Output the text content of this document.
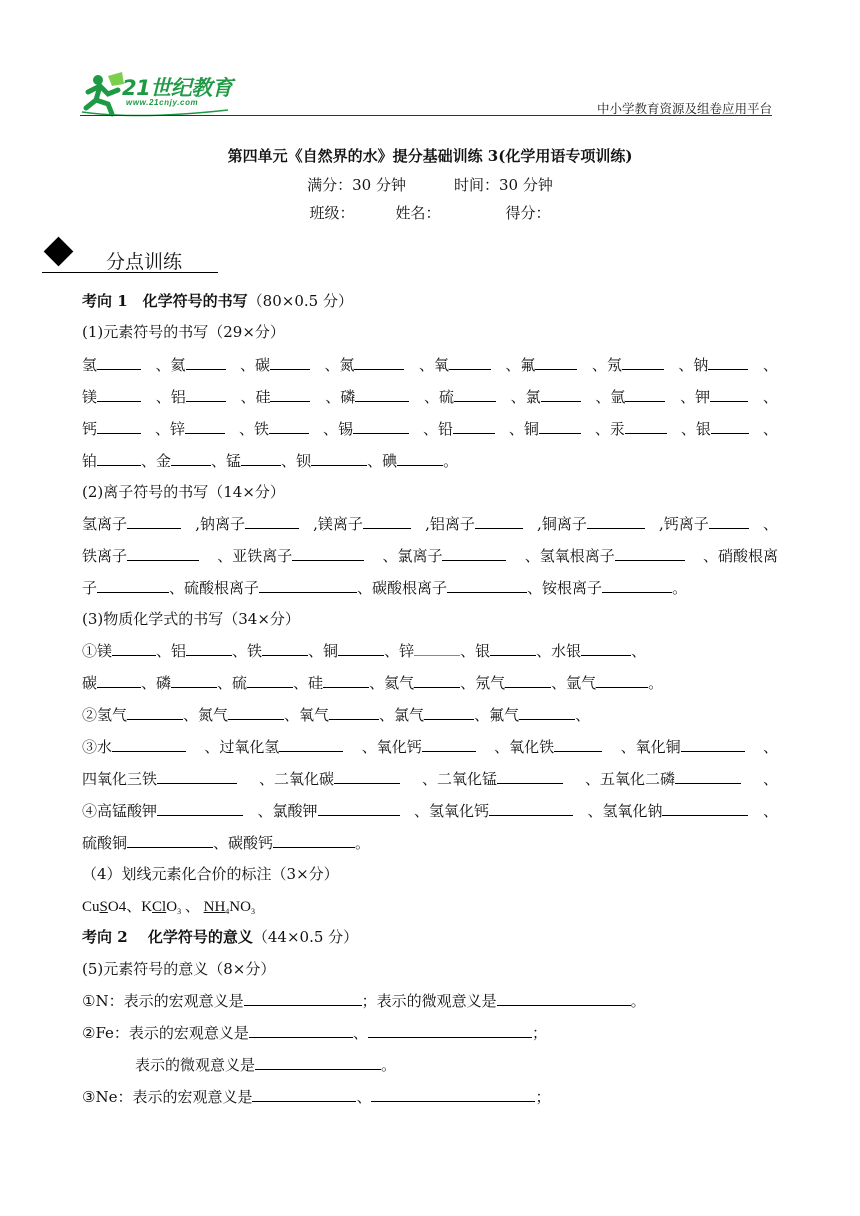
21世纪教育
www.21cnjy.com	中小学教育资源及组卷应用平台
第四单元《自然界的水》提分基础训练 3(化学用语专项训练)
满分：30 分钟	时间：30 分钟
班级：	姓名：	得分：
分点训练
考向 1　化学符号的书写（80×0.5 分）
(1)元素符号的书写（29×分）
氢	、氦	、碳	、氮	、氧	、氟	、氖	、钠	、
镁	、铝	、硅	、磷	、硫	、氯	、氩	、钾	、
钙	、锌	、铁	、锡	、铅	、铜	、汞	、银	、
铂	、金	、锰	、钡	、碘	。
(2)离子符号的书写（14×分）
氢离子	,钠离子	,镁离子	,铝离子	,铜离子	,钙离子	、
铁离子	、亚铁离子	、氯离子	、氢氧根离子	、硝酸根离
子	、硫酸根离子	、碳酸根离子	、铵根离子	。
(3)物质化学式的书写（34×分）
①镁	、铝	、铁	、铜	、锌	、银	、水银	、
碳	、磷	、硫	、硅	、氦气	、氖气	、氩气	。
②氢气	、氮气	、氧气	、氯气	、氟气	、
③水	、过氧化氢	、氧化钙	、氧化铁	、氧化铜	、
四氧化三铁	、二氧化碳	、二氧化锰	、五氧化二磷	、
④高锰酸钾	、氯酸钾	、氢氧化钙	、氢氧化钠	、
硫酸铜	、碳酸钙	。
（4）划线元素化合价的标注（3×分）
CuSO4、KClO$_3$ 、 $NH_4NO_3$
考向 2　 化学符号的意义（44×0.5 分）
(5)元素符号的意义（8×分）
①N：表示的宏观意义是	；表示的微观意义是	。
②Fe：表示的宏观意义是	、	；
表示的微观意义是	。
③Ne：表示的宏观意义是	、	；
